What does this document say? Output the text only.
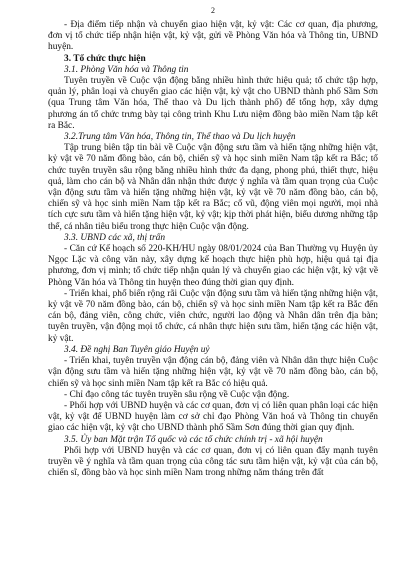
2

- Địa điểm tiếp nhận và chuyển giao hiện vật, kỷ vật: Các cơ quan, địa phương, đơn vị tổ chức tiếp nhận hiện vật, kỷ vật, gửi về Phòng Văn hóa và Thông tin, UBND huyện.

3. Tổ chức thực hiện

3.1. Phòng Văn hóa và Thông tin

Tuyên truyền về Cuộc vận động bằng nhiều hình thức hiệu quả; tổ chức tập hợp, quản lý, phân loại và chuyển giao các hiện vật, kỷ vật cho UBND thành phố Sầm Sơn (qua Trung tâm Văn hóa, Thể thao và Du lịch thành phố) để tổng hợp, xây dựng phương án tổ chức trưng bày tại công trình Khu Lưu niệm đồng bào miền Nam tập kết ra Bắc.

3.2.Trung tâm Văn hóa, Thông tin, Thể thao và Du lịch huyện

Tập trung biên tập tin bài về Cuộc vận động sưu tầm và hiến tặng những hiện vật, kỷ vật về 70 năm đồng bào, cán bộ, chiến sỹ và học sinh miền Nam tập kết ra Bắc; tổ chức tuyên truyền sâu rộng bằng nhiều hình thức đa dạng, phong phú, thiết thực, hiệu quả, làm cho cán bộ và Nhân dân nhận thức được ý nghĩa và tầm quan trọng của Cuộc vận động sưu tầm và hiến tặng những hiện vật, kỷ vật về 70 năm đồng bào, cán bộ, chiến sỹ và học sinh miền Nam tập kết ra Bắc; cổ vũ, động viên mọi người, mọi nhà tích cực sưu tầm và hiến tặng hiện vật, kỷ vật; kịp thời phát hiện, biểu dương những tập thể, cá nhân tiêu biểu trong thực hiện Cuộc vận động.

3.3. UBND các xã, thị trấn

- Căn cứ Kế hoạch số 220-KH/HU ngày 08/01/2024 của Ban Thường vụ Huyện ủy Ngọc Lặc và công văn này, xây dựng kế hoạch thực hiện phù hợp, hiệu quả tại địa phương, đơn vị mình; tổ chức tiếp nhận quản lý và chuyển giao các hiện vật, kỷ vật về Phòng Văn hóa và Thông tin huyện theo đúng thời gian quy định.

- Triển khai, phổ biến rộng rãi Cuộc vận động sưu tầm và hiến tặng những hiện vật, kỷ vật về 70 năm đồng bào, cán bộ, chiến sỹ và học sinh miền Nam tập kết ra Bắc đến cán bộ, đảng viên, công chức, viên chức, người lao động và Nhân dân trên địa bàn; tuyên truyền, vận động mọi tổ chức, cá nhân thực hiện sưu tầm, hiến tặng các hiện vật, kỷ vật.

3.4. Đề nghị Ban Tuyên giáo Huyện uỷ

- Triển khai, tuyên truyền vận động cán bộ, đảng viên và Nhân dân thực hiện Cuộc vận động sưu tầm và hiến tặng những hiện vật, kỷ vật về 70 năm đồng bào, cán bộ, chiến sỹ và học sinh miền Nam tập kết ra Bắc có hiệu quả.

- Chỉ đạo công tác tuyên truyền sâu rộng về Cuộc vận động.

- Phối hợp với UBND huyện và các cơ quan, đơn vị có liên quan phân loại các hiện vật, kỷ vật để UBND huyện làm cơ sở chỉ đạo Phòng Văn hoá và Thông tin chuyển giao các hiện vật, kỷ vật cho UBND thành phố Sầm Sơn đúng thời gian quy định.

3.5. Ủy ban Mặt trận Tổ quốc và các tổ chức chính trị - xã hội huyện

Phối hợp với UBND huyện và các cơ quan, đơn vị có liên quan đẩy mạnh tuyên truyền về ý nghĩa và tầm quan trọng của công tác sưu tầm hiện vật, kỷ vật của cán bộ, chiến sĩ, đồng bào và học sinh miền Nam trong những năm tháng trên đất
